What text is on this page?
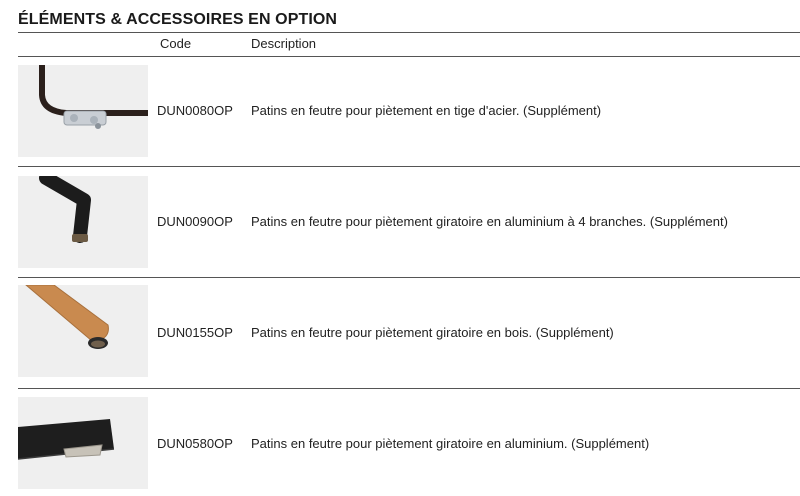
ÉLÉMENTS & ACCESSOIRES EN OPTION
Code	Description
DUN0080OP Patins en feutre pour piètement en tige d'acier. (Supplément)
DUN0090OP Patins en feutre pour piètement giratoire en aluminium à 4 branches. (Supplément)
DUN0155OP Patins en feutre pour piètement giratoire en bois. (Supplément)
DUN0580OP Patins en feutre pour piètement giratoire en aluminium. (Supplément)
